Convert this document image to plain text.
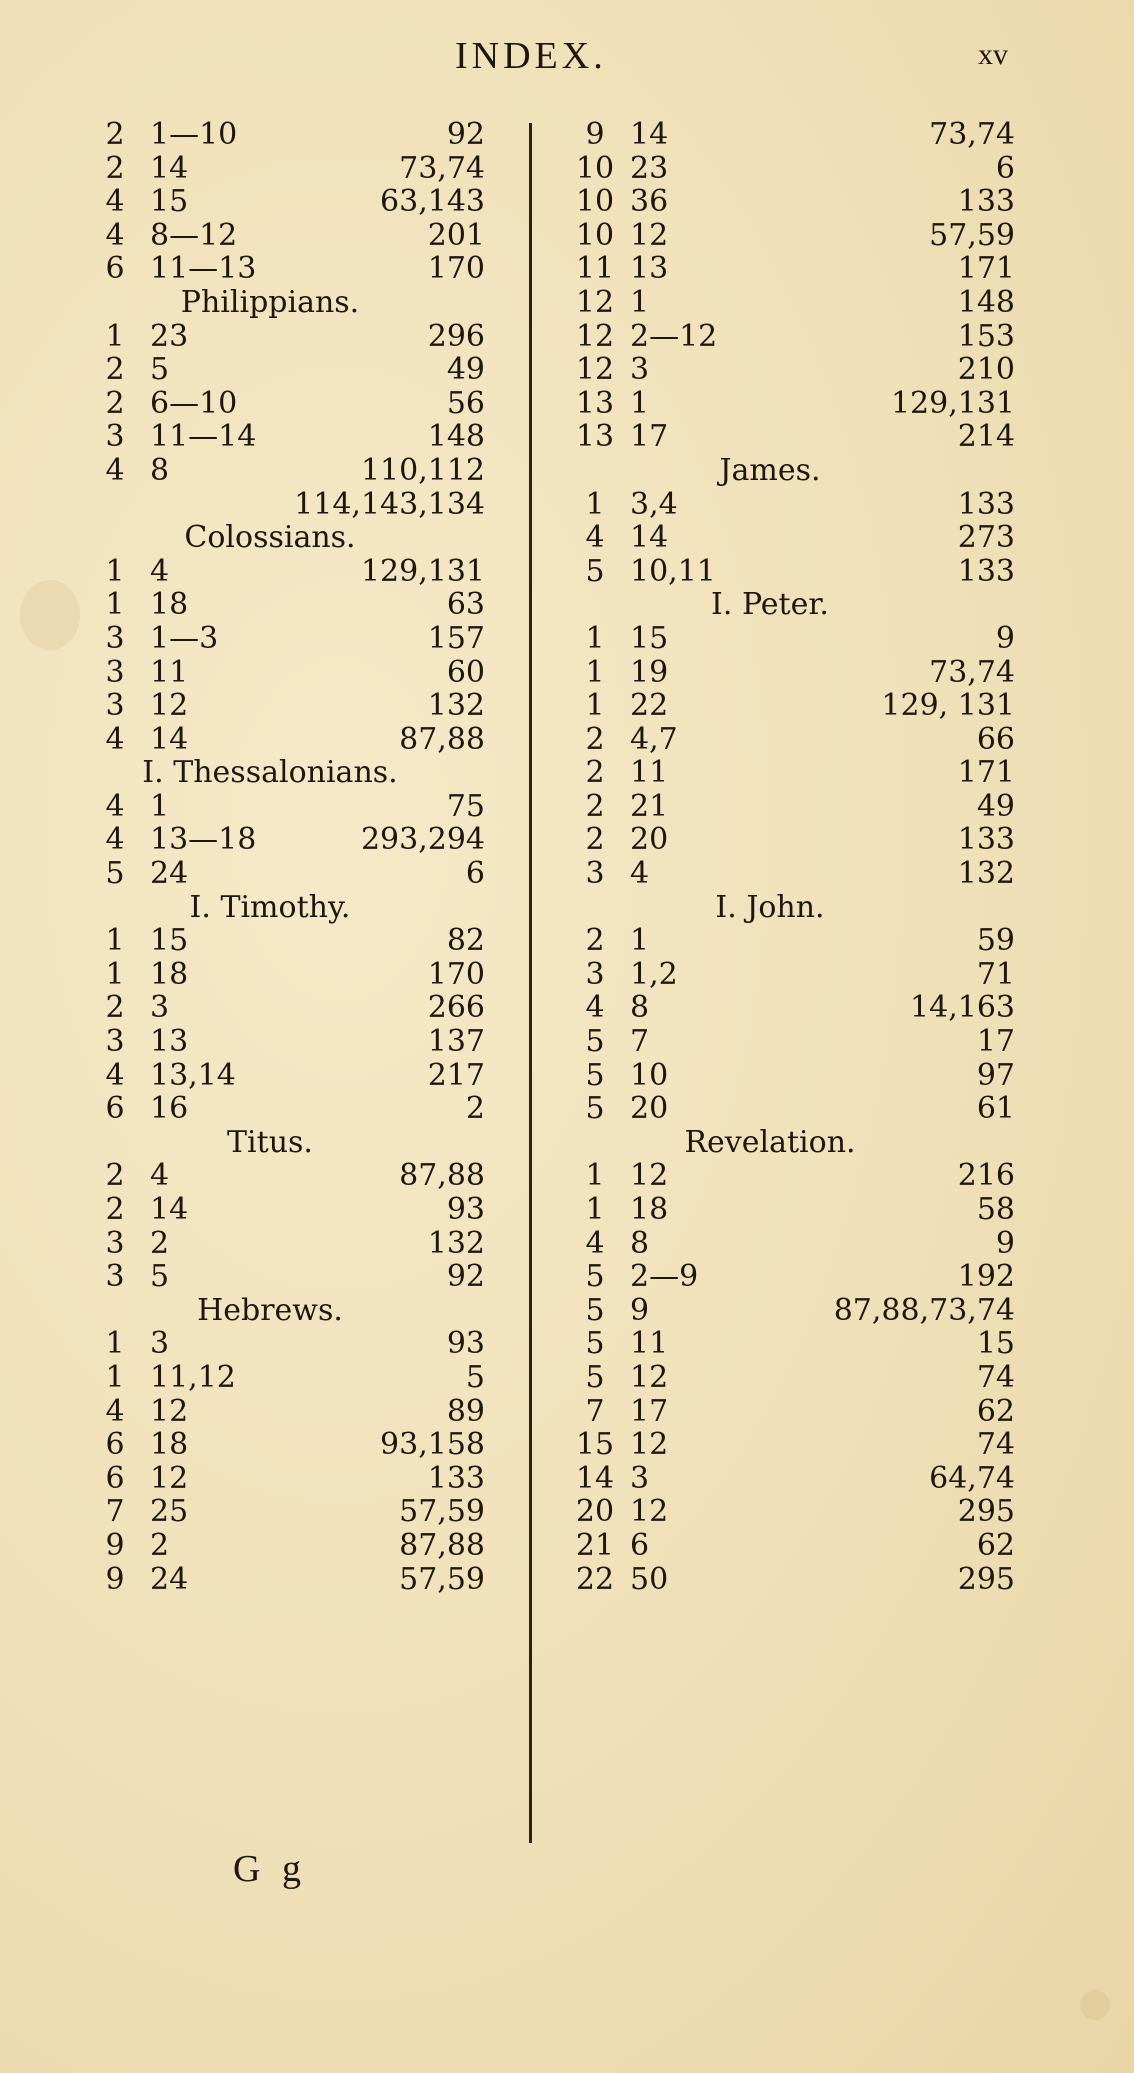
INDEX.	xv
2 1—10	92
2 14	73,74
4 15	63,143
4 8—12	201
6 11—13	170
Philippians.
1 23	296
2 5	49
2 6—10	56
3 11—14	148
4 8	110,112
114,143,134
Colossians.
1 4	129,131
1 18	63
3 1—3	157
3 11	60
3 12	132
4 14	87,88
I. Thessalonians.
4 1	75
4 13—18	293,294
5 24	6
I. Timothy.
1 15	82
1 18	170
2 3	266
3 13	137
4 13,14	217
6 16	2
Titus.
2 4	87,88
2 14	93
3 2	132
3 5	92
Hebrews.
1 3	93
1 11,12	5
4 12	89
6 18	93,158
6 12	133
7 25	57,59
9 2	87,88
9 24	57,59
9 14	73,74
10 23	6
10 36	133
10 12	57,59
11 13	171
12 1	148
12 2—12	153
12 3	210
13 1	129,131
13 17	214
James.
1 3,4	133
4 14	273
5 10,11	133
I. Peter.
1 15	9
1 19	73,74
1 22	129, 131
2 4,7	66
2 11	171
2 21	49
2 20	133
3 4	132
I. John.
2 1	59
3 1,2	71
4 8	14,163
5 7	17
5 10	97
5 20	61
Revelation.
1 12	216
1 18	58
4 8	9
5 2—9	192
5 9	87,88,73,74
5 11	15
5 12	74
7 17	62
15 12	74
14 3	64,74
20 12	295
21 6	62
22 50	295
G g
